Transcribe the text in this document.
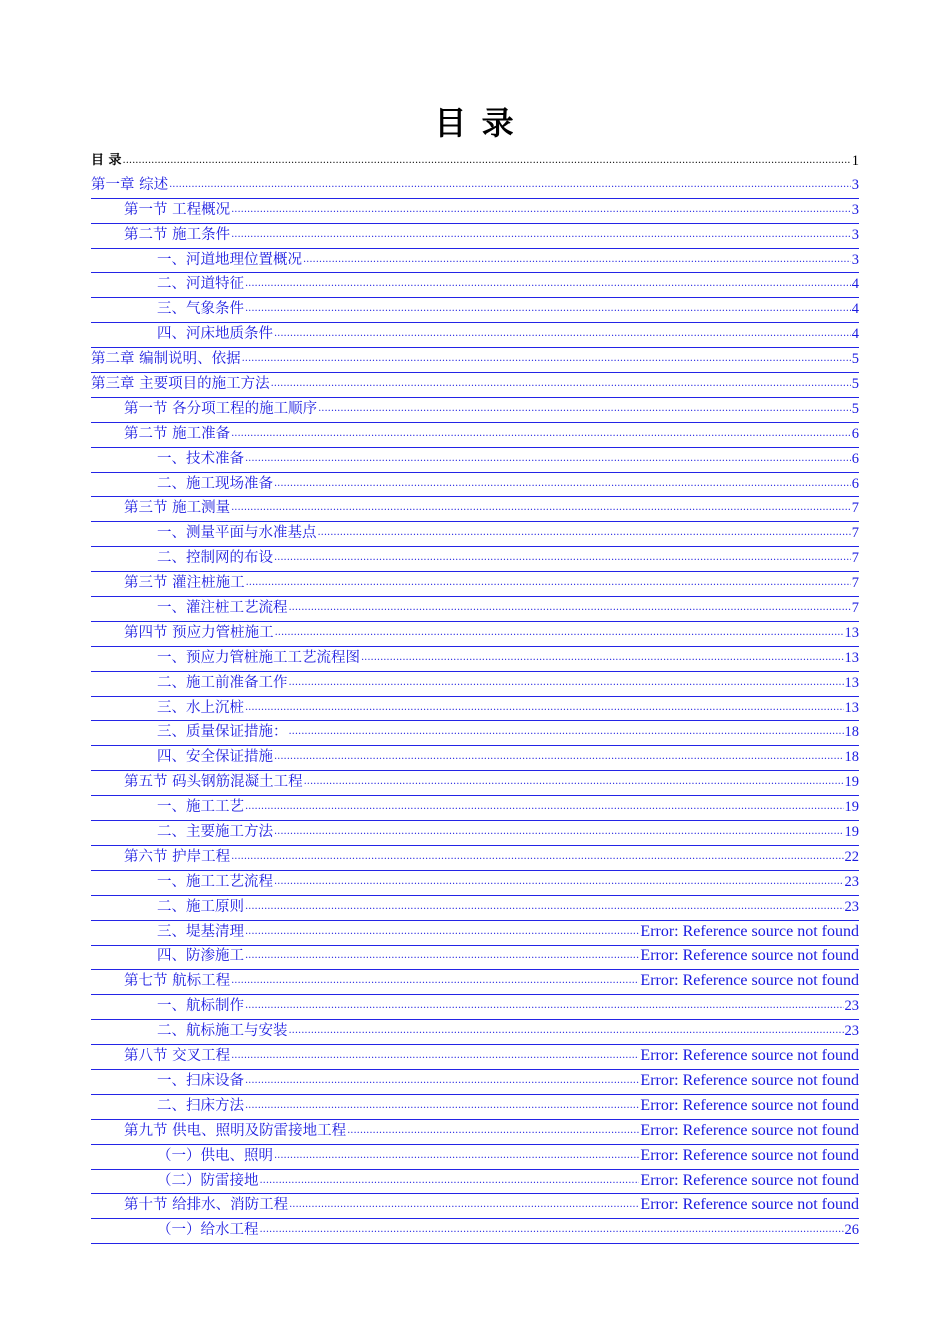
目 录
目 录 .....	1
第一章 综述 .....	3
第一节 工程概况 .....	3
第二节 施工条件 .....	3
一、河道地理位置概况 .....	3
二、河道特征 .....	4
三、气象条件 .....	4
四、河床地质条件 .....	4
第二章 编制说明、依据 .....	5
第三章 主要项目的施工方法 .....	5
第一节 各分项工程的施工顺序 .....	5
第二节 施工准备 .....	6
一、技术准备 .....	6
二、施工现场准备 .....	6
第三节 施工测量 .....	7
一、测量平面与水准基点 .....	7
二、控制网的布设 .....	7
第三节 灌注桩施工 .....	7
一、灌注桩工艺流程 .....	7
第四节 预应力管桩施工 .....	13
一、预应力管桩施工工艺流程图 .....	13
二、施工前准备工作 .....	13
三、水上沉桩 .....	13
三、质量保证措施： .....	18
四、安全保证措施 .....	18
第五节 码头钢筋混凝土工程 .....	19
一、施工工艺 .....	19
二、主要施工方法 .....	19
第六节 护岸工程 .....	22
一、施工工艺流程 .....	23
二、施工原则 .....	23
三、堤基清理 .....	Error: Reference source not found
四、防渗施工 .....	Error: Reference source not found
第七节 航标工程 .....	Error: Reference source not found
一、航标制作 .....	23
二、航标施工与安装 .....	23
第八节 交叉工程 .....	Error: Reference source not found
一、扫床设备 .....	Error: Reference source not found
二、扫床方法 .....	Error: Reference source not found
第九节 供电、照明及防雷接地工程 .....	Error: Reference source not found
（一）供电、照明 .....	Error: Reference source not found
（二）防雷接地 .....	Error: Reference source not found
第十节 给排水、消防工程 .....	Error: Reference source not found
（一）给水工程 .....	26
